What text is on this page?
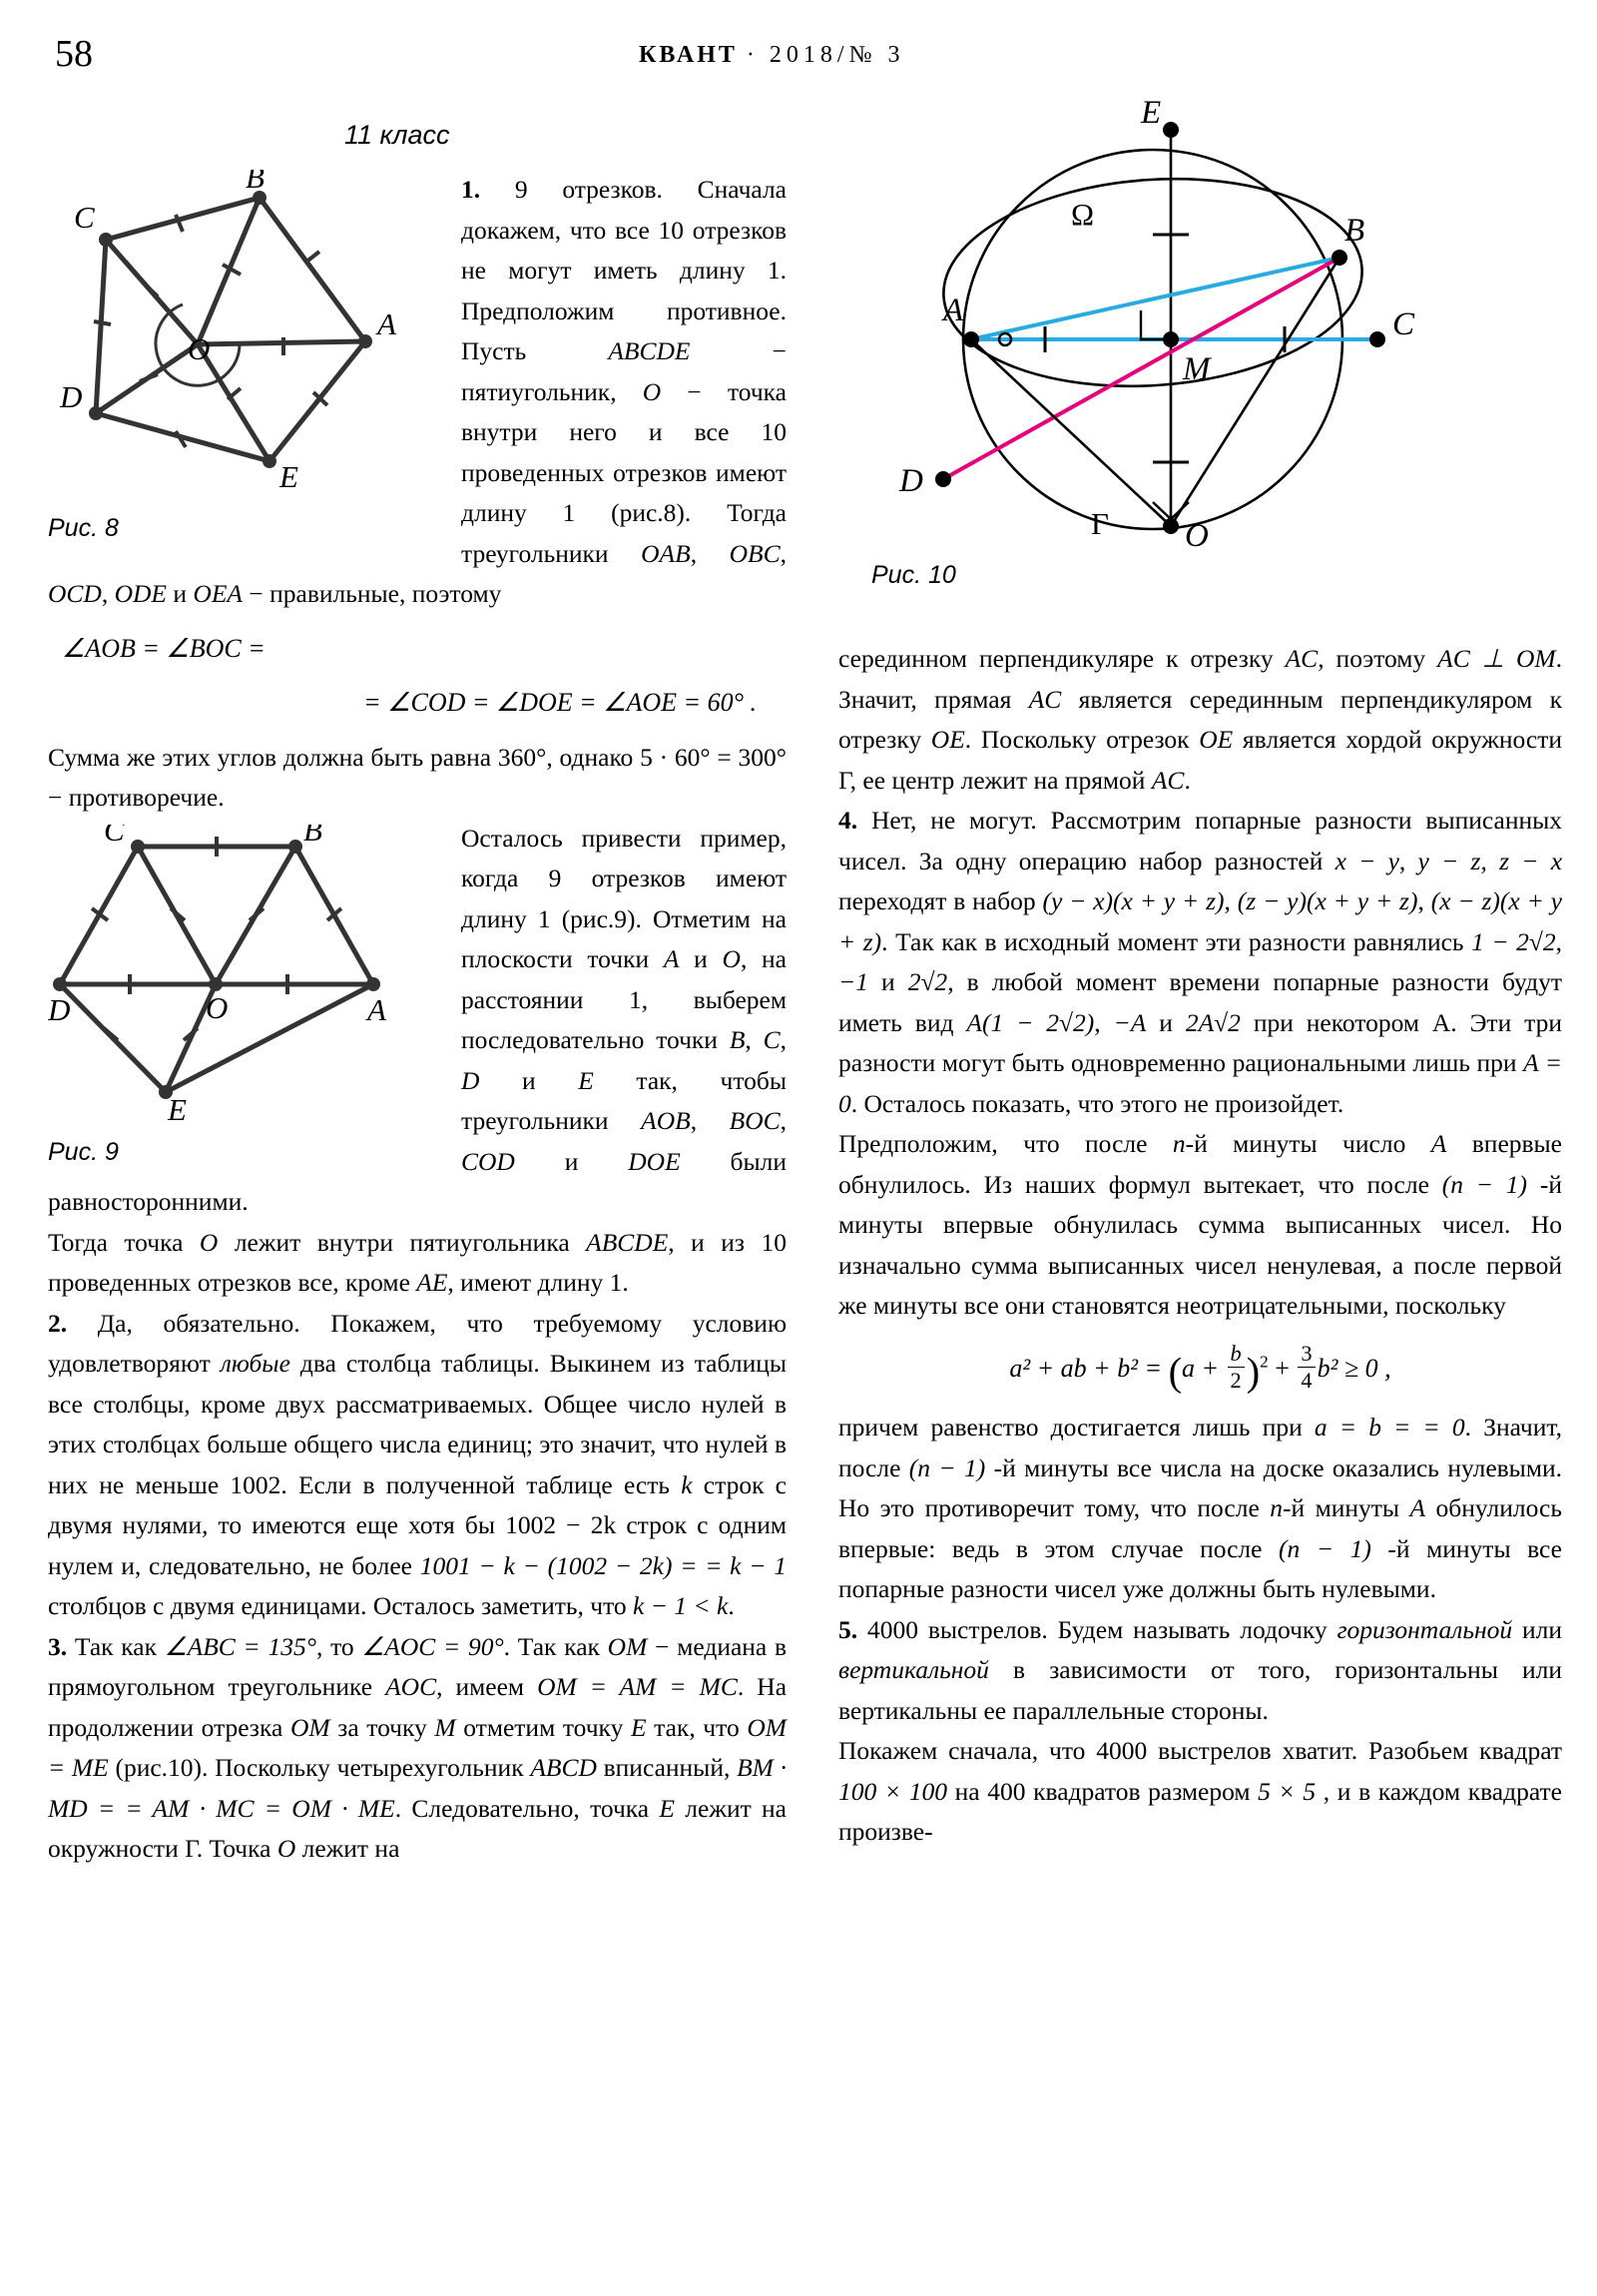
58	КВАНТ · 2018/№ 3
11 класс
E
B
A	C
M
D
O
Ω
Γ
Рис. 10
B
C
D
E
A
O
Рис. 8

1. 9 отрезков. Сначала докажем, что все 10 отрезков не могут иметь длину 1. Предположим противное. Пусть ABCDE − пятиугольник, O − точка внутри него и все 10 проведенных отрезков имеют длину 1 (рис.8). Тогда треугольники OAB, OBC, OCD, ODE и OEA − правильные, поэтому

∠AOB = ∠BOC =
= ∠COD = ∠DOE = ∠AOE = 60° .

Сумма же этих углов должна быть равна 360°, однако 5 · 60° = 300° − противоречие.

C	B
D	O	A
E
Рис. 9

Осталось привести пример, когда 9 отрезков имеют длину 1 (рис.9). Отметим на плоскости точки A и O, на расстоянии 1, выберем последовательно точки B, C, D и E так, чтобы треугольники AOB, BOC, COD и DOE были равносторонними.

Тогда точка O лежит внутри пятиугольника ABCDE, и из 10 проведенных отрезков все, кроме AE, имеют длину 1.

2. Да, обязательно. Покажем, что требуемому условию удовлетворяют любые два столбца таблицы. Выкинем из таблицы все столбцы, кроме двух рассматриваемых. Общее число нулей в этих столбцах больше общего числа единиц; это значит, что нулей в них не меньше 1002. Если в полученной таблице есть k строк с двумя нулями, то имеются еще хотя бы 1002 − 2k строк с одним нулем и, следовательно, не более 1001 − k − (1002 − 2k) = = k − 1 столбцов с двумя единицами. Осталось заметить, что k − 1 < k.

3. Так как ∠ABC = 135°, то ∠AOC = 90°. Так как OM − медиана в прямоугольном треугольнике AOC, имеем OM = AM = MC. На продолжении отрезка OM за точку M отметим точку E так, что OM = ME (рис.10). Поскольку четырехугольник ABCD вписанный, BM · MD = = AM · MC = OM · ME. Следовательно, точка E лежит на окружности Γ. Точка O лежит на

серединном перпендикуляре к отрезку AC, поэтому AC ⊥ OM. Значит, прямая AC является серединным перпендикуляром к отрезку OE. Поскольку отрезок OE является хордой окружности Γ, ее центр лежит на прямой AC.

4. Нет, не могут. Рассмотрим попарные разности выписанных чисел. За одну операцию набор разностей x − y, y − z, z − x переходят в набор (y − x)(x + y + z), (z − y)(x + y + z), (x − z)(x + y + z). Так как в исходный момент эти разности равнялись 1 − 2√2, −1 и 2√2, в любой момент времени попарные разности будут иметь вид A(1 − 2√2), −A и 2A√2 при некотором A. Эти три разности могут быть одновременно рациональными лишь при A = 0. Осталось показать, что этого не произойдет.

Предположим, что после n-й минуты число A впервые обнулилось. Из наших формул вытекает, что после (n − 1) -й минуты впервые обнулилась сумма выписанных чисел. Но изначально сумма выписанных чисел ненулевая, а после первой же минуты все они становятся неотрицательными, поскольку

a² + ab + $b^2 = (a + \frac{b}{2} )^2 + \frac{3}{4} b^2 \ge 0$ ,

причем равенство достигается лишь при a = b = = 0. Значит, после (n − 1) -й минуты все числа на доске оказались нулевыми. Но это противоречит тому, что после n-й минуты A обнулилось впервые: ведь в этом случае после (n − 1) -й минуты все попарные разности чисел уже должны быть нулевыми.

5. 4000 выстрелов. Будем называть лодочку горизонтальной или вертикальной в зависимости от того, горизонтальны или вертикальны ее параллельные стороны.

Покажем сначала, что 4000 выстрелов хватит. Разобьем квадрат 100 × 100 на 400 квадратов размером 5 × 5 , и в каждом квадрате произве-
